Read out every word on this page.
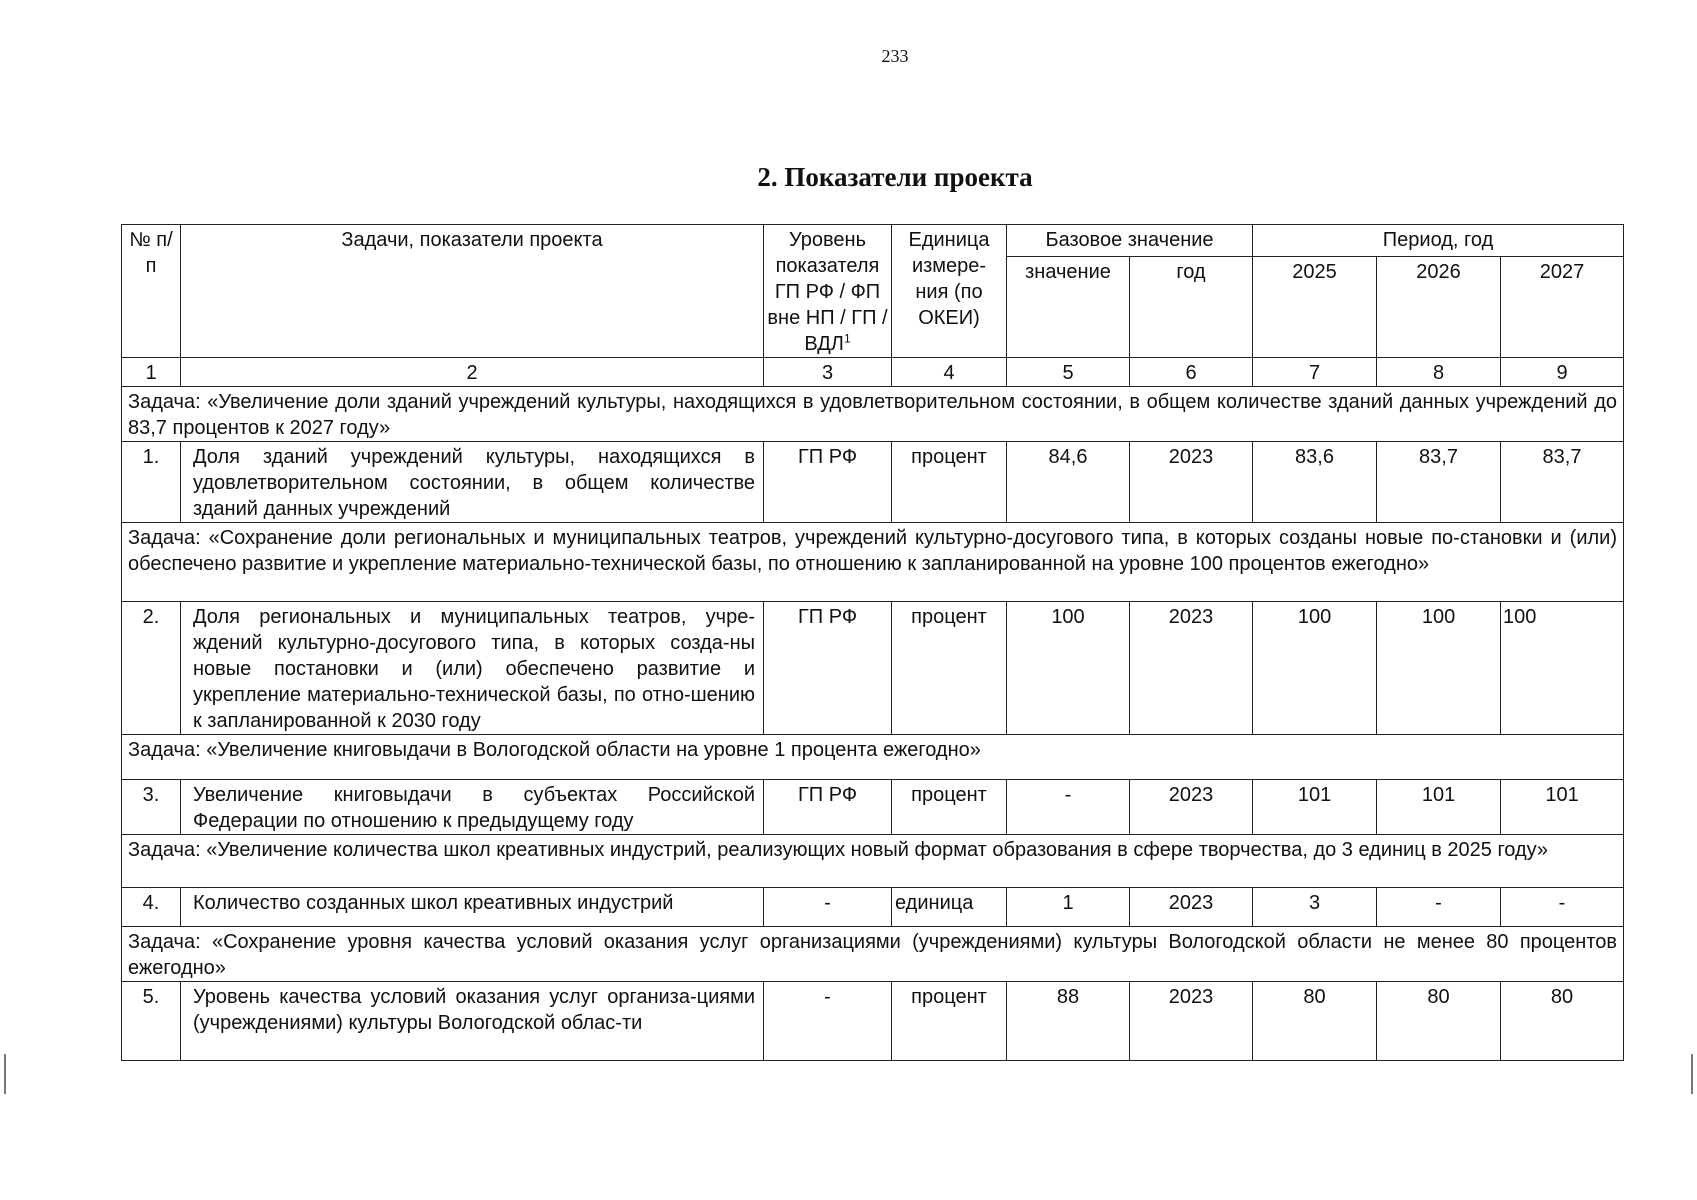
233
2. Показатели проекта
№ п/п	Задачи, показатели проекта	Уровень показателя ГП РФ / ФП вне НП / ГП / ВДЛ$^1$	Единица измере-ния (по ОКЕИ)	Базовое значение		Период, год		
				значение	год	2025	2026	2027
1	2	3	4	5	6	7	8	9
Задача: «Увеличение доли зданий учреждений культуры, находящихся в удовлетворительном состоянии, в общем количестве зданий данных учреждений до 83,7 процентов к 2027 году»								
1.	Доля зданий учреждений культуры, находящихся в удовлетворительном состоянии, в общем количестве зданий данных учреждений	ГП РФ	процент	84,6	2023	83,6	83,7	83,7
Задача: «Сохранение доли региональных и муниципальных театров, учреждений культурно-досугового типа, в которых созданы новые по-становки и (или) обеспечено развитие и укрепление материально-технической базы, по отношению к запланированной на уровне 100 процентов ежегодно»								
2.	Доля региональных и муниципальных театров, учре-ждений культурно-досугового типа, в которых созда-ны новые постановки и (или) обеспечено развитие и укрепление материально-технической базы, по отно-шению к запланированной к 2030 году	ГП РФ	процент	100	2023	100	100	100
Задача: «Увеличение книговыдачи в Вологодской области на уровне 1 процента ежегодно»								
3.	Увеличение книговыдачи в субъектах Российской Федерации по отношению к предыдущему году	ГП РФ	процент	-	2023	101	101	101
Задача: «Увеличение количества школ креативных индустрий, реализующих новый формат образования в сфере творчества, до 3 единиц в 2025 году»								
4.	Количество созданных школ креативных индустрий	-	единица	1	2023	3	-	-
Задача: «Сохранение уровня качества условий оказания услуг организациями (учреждениями) культуры Вологодской области не менее 80 процентов ежегодно»								
5.	Уровень качества условий оказания услуг организа-циями (учреждениями) культуры Вологодской облас-ти	-	процент	88	2023	80	80	80
